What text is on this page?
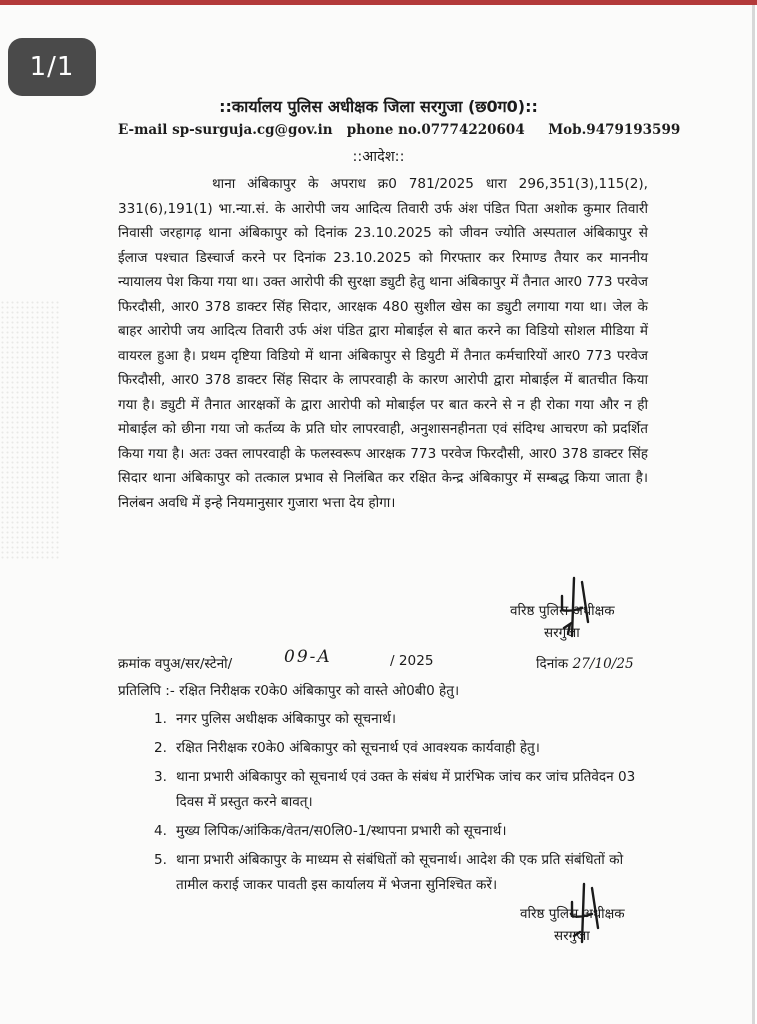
1/1
::कार्यालय पुलिस अधीक्षक जिला सरगुजा (छ0ग0)::
E-mail sp-surguja.cg@gov.in phone no.07774220604 Mob.9479193599
::आदेश::

थाना अंबिकापुर के अपराध क्र0 781/2025 धारा 296,351(3),115(2), 331(6),191(1) भा.न्या.सं. के आरोपी जय आदित्य तिवारी उर्फ अंश पंडित पिता अशोक कुमार तिवारी निवासी जरहागढ़ थाना अंबिकापुर को दिनांक 23.10.2025 को जीवन ज्योति अस्पताल अंबिकापुर से ईलाज पश्चात डिस्चार्ज करने पर दिनांक 23.10.2025 को गिरफ्तार कर रिमाण्ड तैयार कर माननीय न्यायालय पेश किया गया था। उक्त आरोपी की सुरक्षा ड्युटी हेतु थाना अंबिकापुर में तैनात आर0 773 परवेज फिरदौसी, आर0 378 डाक्टर सिंह सिदार, आरक्षक 480 सुशील खेस का ड्युटी लगाया गया था। जेल के बाहर आरोपी जय आदित्य तिवारी उर्फ अंश पंडित द्वारा मोबाईल से बात करने का विडियो सोशल मीडिया में वायरल हुआ है। प्रथम दृष्टिया विडियो में थाना अंबिकापुर से डियुटी में तैनात कर्मचारियों आर0 773 परवेज फिरदौसी, आर0 378 डाक्टर सिंह सिदार के लापरवाही के कारण आरोपी द्वारा मोबाईल में बातचीत किया गया है। ड्युटी में तैनात आरक्षकों के द्वारा आरोपी को मोबाईल पर बात करने से न ही रोका गया और न ही मोबाईल को छीना गया जो कर्तव्य के प्रति घोर लापरवाही, अनुशासनहीनता एवं संदिग्ध आचरण को प्रदर्शित किया गया है। अतः उक्त लापरवाही के फलस्वरूप आरक्षक 773 परवेज फिरदौसी, आर0 378 डाक्टर सिंह सिदार थाना अंबिकापुर को तत्काल प्रभाव से निलंबित कर रक्षित केन्द्र अंबिकापुर में सम्बद्ध किया जाता है। निलंबन अवधि में इन्हे नियमानुसार गुजारा भत्ता देय होगा।

वरिष्ठ पुलिस अधीक्षक
सरगुजा
क्रमांक वपुअ/सर/स्टेनो/	09-A	/ 2025	दिनांक 27/10/25
प्रतिलिपि :- रक्षित निरीक्षक र0के0 अंबिकापुर को वास्ते ओ0बी0 हेतु।
1. नगर पुलिस अधीक्षक अंबिकापुर को सूचनार्थ।
2. रक्षित निरीक्षक र0के0 अंबिकापुर को सूचनार्थ एवं आवश्यक कार्यवाही हेतु।
3. थाना प्रभारी अंबिकापुर को सूचनार्थ एवं उक्त के संबंध में प्रारंभिक जांच कर जांच प्रतिवेदन 03 दिवस में प्रस्तुत करने बावत्।
4. मुख्य लिपिक/आंकिक/वेतन/स0लि0-1/स्थापना प्रभारी को सूचनार्थ।
5. थाना प्रभारी अंबिकापुर के माध्यम से संबंधितों को सूचनार्थ। आदेश की एक प्रति संबंधितों को तामील कराई जाकर पावती इस कार्यालय में भेजना सुनिश्चित करें।
वरिष्ठ पुलिस अधीक्षक
सरगुजा
